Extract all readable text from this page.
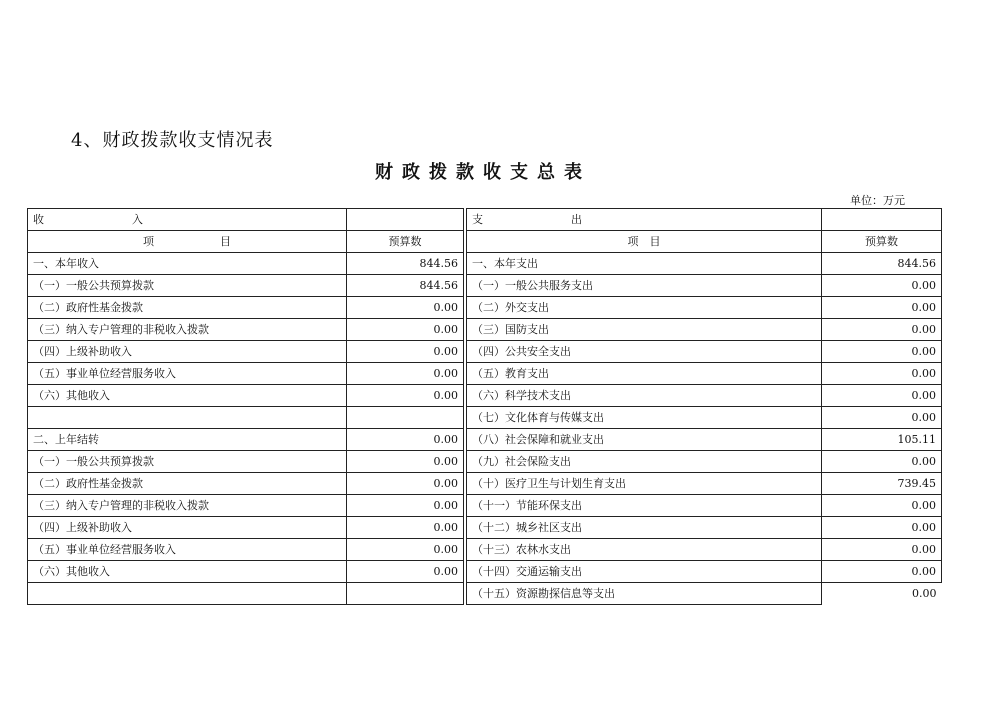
4、财政拨款收支情况表
财政拨款收支总表
单位：万元
收　　　　　　　　入			支　　　　　　　　出	
项　　　　　　目	预算数		项　目	预算数
一、本年收入	844.56		一、本年支出	844.56
（一）一般公共预算拨款	844.56		（一）一般公共服务支出	0.00
（二）政府性基金拨款	0.00		（二）外交支出	0.00
（三）纳入专户管理的非税收入拨款	0.00		（三）国防支出	0.00
（四）上级补助收入	0.00		（四）公共安全支出	0.00
（五）事业单位经营服务收入	0.00		（五）教育支出	0.00
（六）其他收入	0.00		（六）科学技术支出	0.00
			（七）文化体育与传媒支出	0.00
二、上年结转	0.00		（八）社会保障和就业支出	105.11
（一）一般公共预算拨款	0.00		（九）社会保险支出	0.00
（二）政府性基金拨款	0.00		（十）医疗卫生与计划生育支出	739.45
（三）纳入专户管理的非税收入拨款	0.00		（十一）节能环保支出	0.00
（四）上级补助收入	0.00		（十二）城乡社区支出	0.00
（五）事业单位经营服务收入	0.00		（十三）农林水支出	0.00
（六）其他收入	0.00		（十四）交通运输支出	0.00
			（十五）资源勘探信息等支出	0.00
